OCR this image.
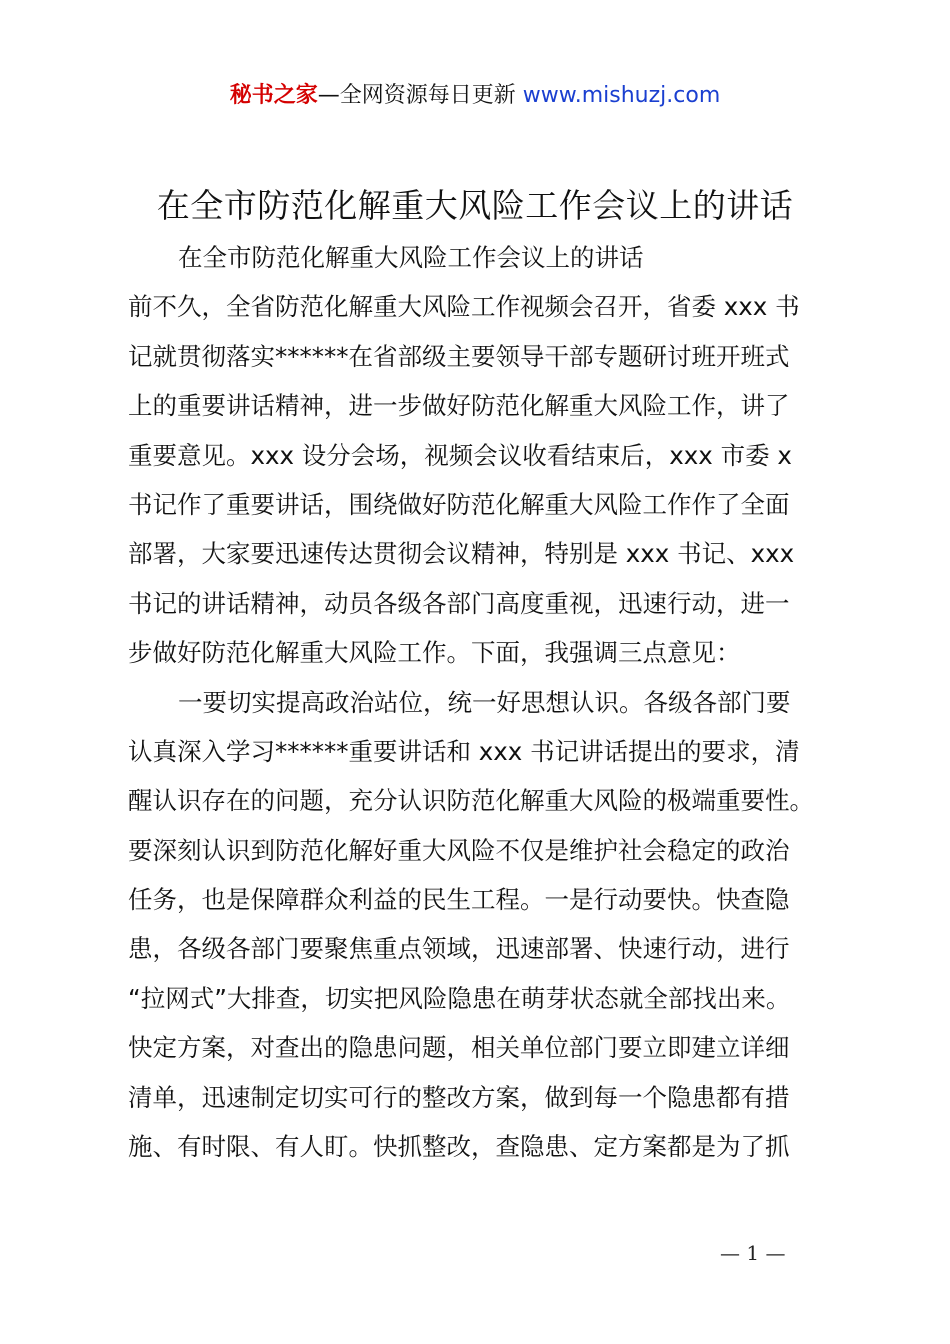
秘书之家—全网资源每日更新 www.mishuzj.com
在全市防范化解重大风险工作会议上的讲话
在全市防范化解重大风险工作会议上的讲话
前不久，全省防范化解重大风险工作视频会召开，省委 xxx 书
记就贯彻落实******在省部级主要领导干部专题研讨班开班式
上的重要讲话精神，进一步做好防范化解重大风险工作，讲了
重要意见。xxx 设分会场，视频会议收看结束后，xxx 市委 x
书记作了重要讲话，围绕做好防范化解重大风险工作作了全面
部署，大家要迅速传达贯彻会议精神，特别是 xxx 书记、xxx
书记的讲话精神，动员各级各部门高度重视，迅速行动，进一
步做好防范化解重大风险工作。下面，我强调三点意见：
一要切实提高政治站位，统一好思想认识。各级各部门要
认真深入学习******重要讲话和 xxx 书记讲话提出的要求，清
醒认识存在的问题，充分认识防范化解重大风险的极端重要性。
要深刻认识到防范化解好重大风险不仅是维护社会稳定的政治
任务，也是保障群众利益的民生工程。一是行动要快。快查隐
患，各级各部门要聚焦重点领域，迅速部署、快速行动，进行
“拉网式”大排查，切实把风险隐患在萌芽状态就全部找出来。
快定方案，对查出的隐患问题，相关单位部门要立即建立详细
清单，迅速制定切实可行的整改方案，做到每一个隐患都有措
施、有时限、有人盯。快抓整改，查隐患、定方案都是为了抓
— 1 —
